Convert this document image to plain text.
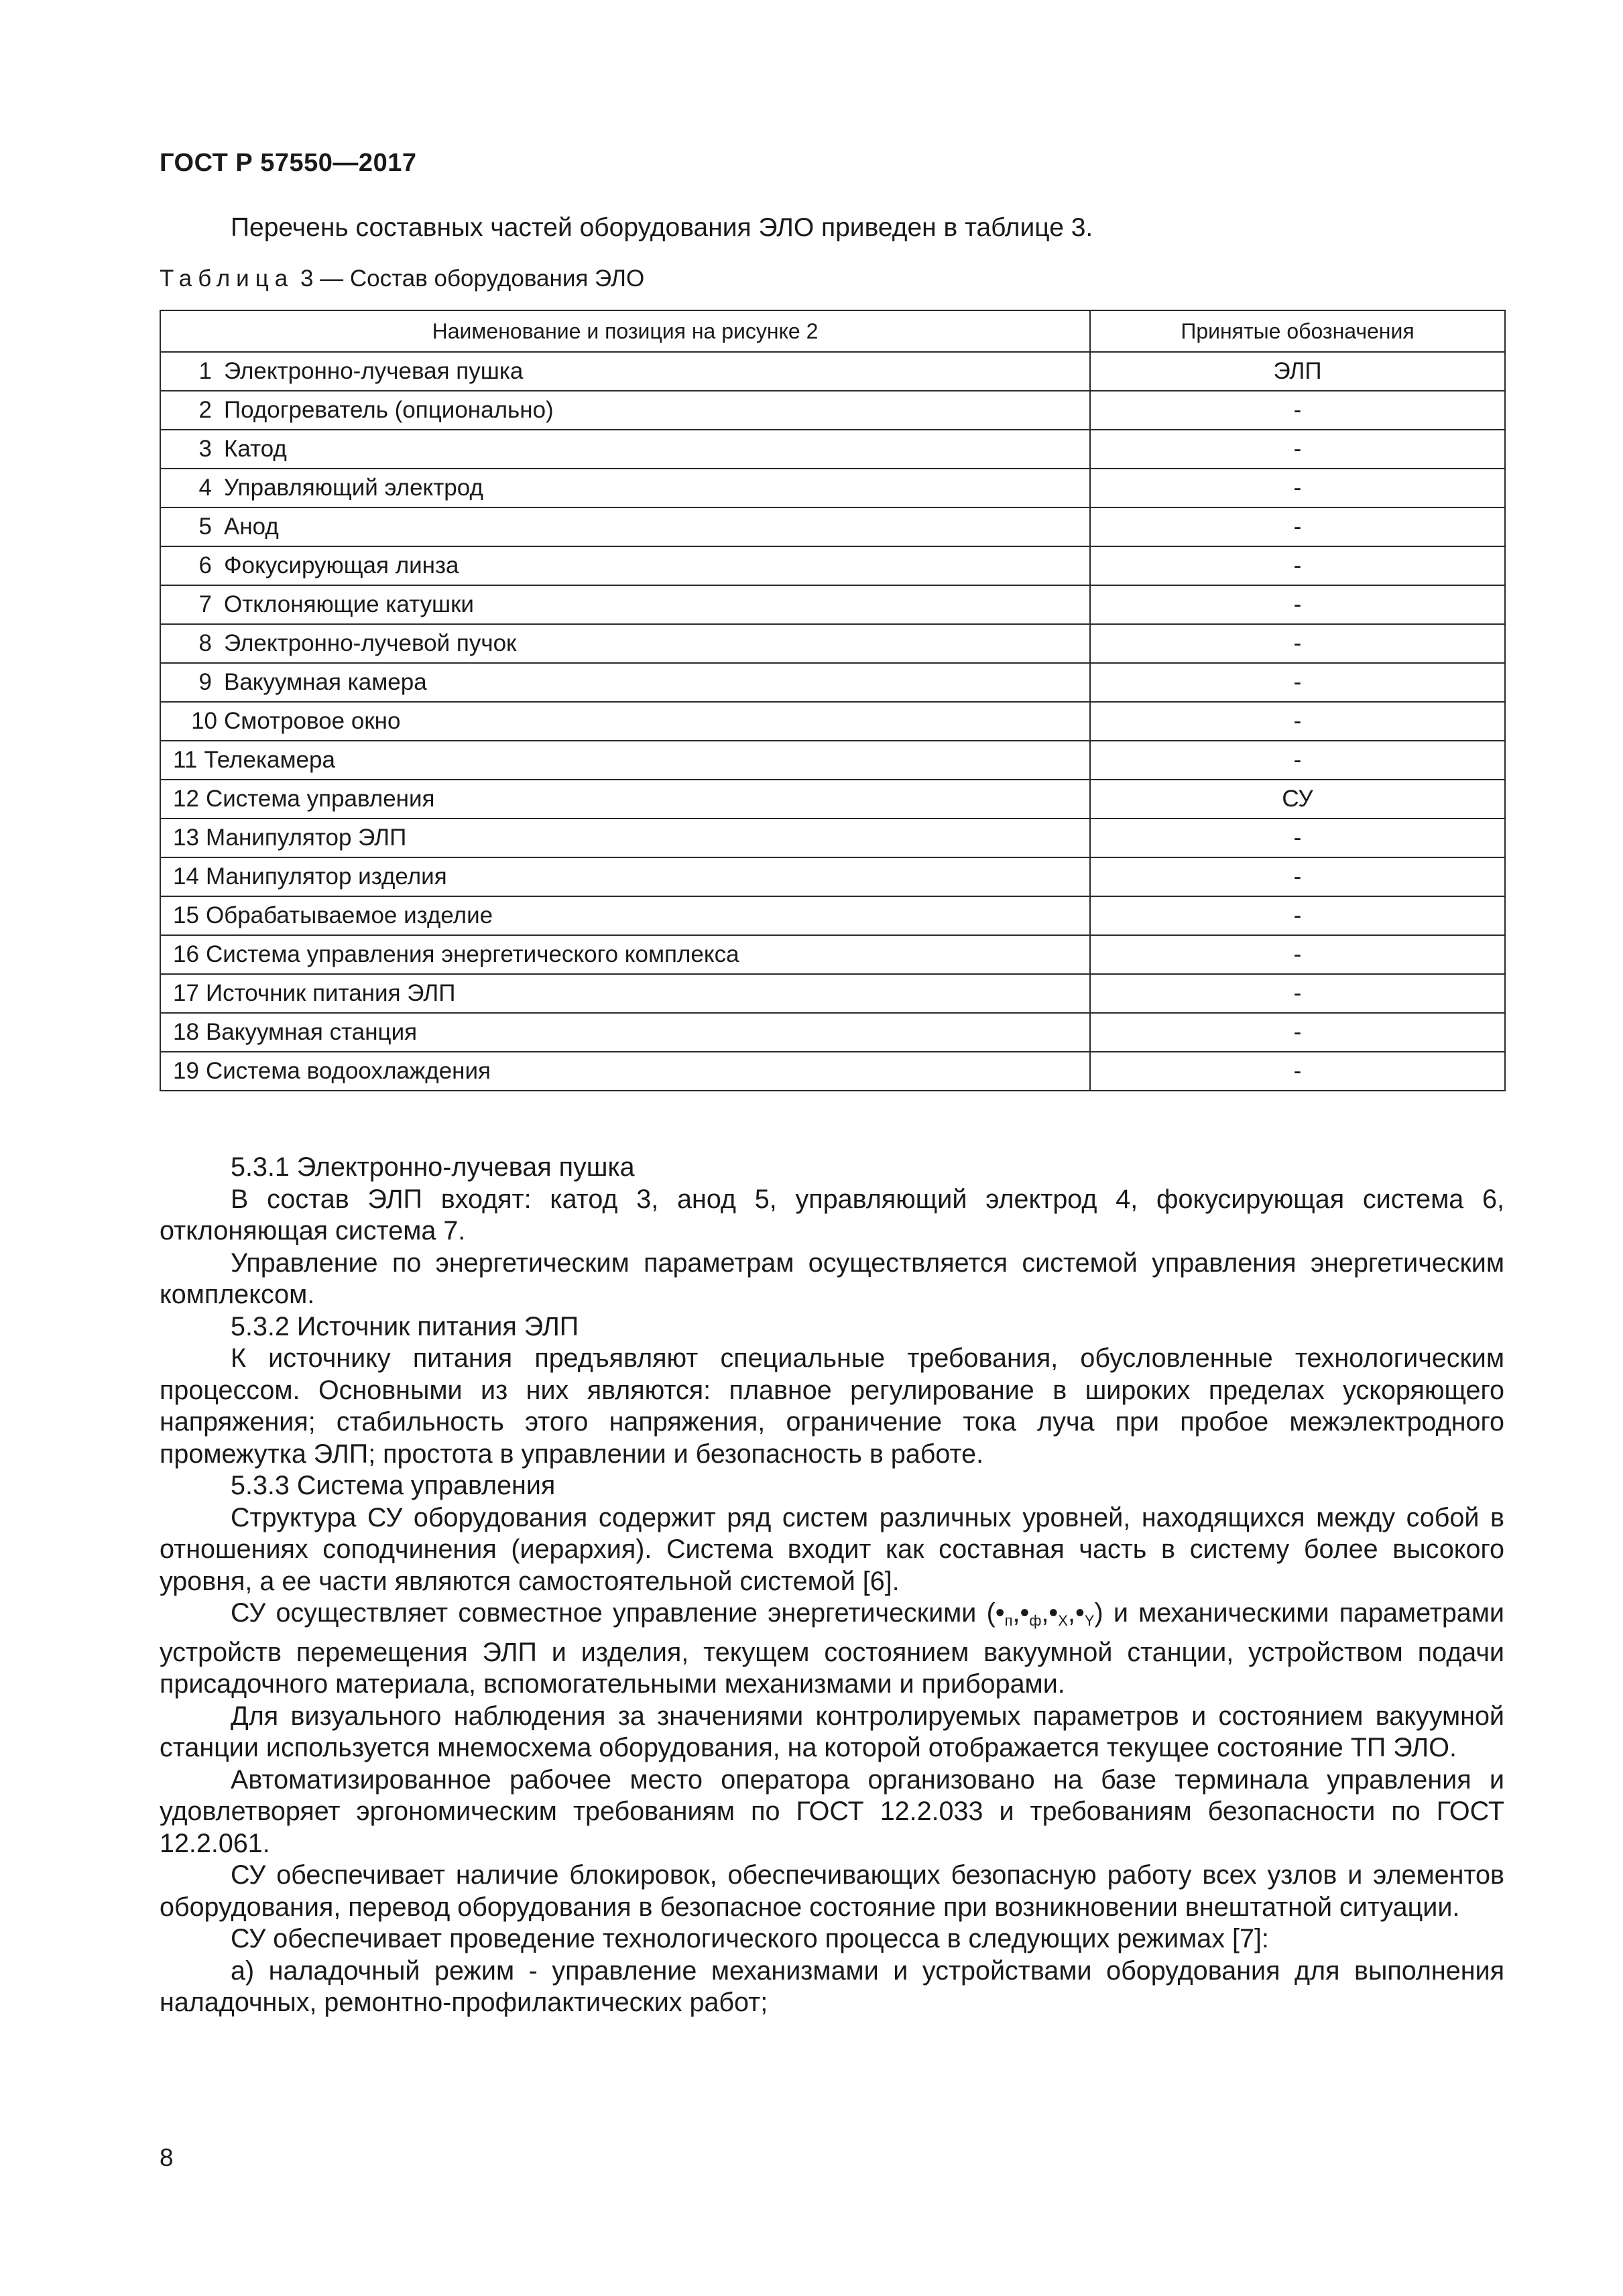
ГОСТ Р 57550—2017
Перечень составных частей оборудования ЭЛО приведен в таблице 3.
Таблица 3 — Состав оборудования ЭЛО
Наименование и позиция на рисунке 2	Принятые обозначения
1 Электронно-лучевая пушка	ЭЛП
2 Подогреватель (опционально)	-
3 Катод	-
4 Управляющий электрод	-
5 Анод	-
6 Фокусирующая линза	-
7 Отклоняющие катушки	-
8 Электронно-лучевой пучок	-
9 Вакуумная камера	-
10 Смотровое окно	-
11 Телекамера	-
12 Система управления	СУ
13 Манипулятор ЭЛП	-
14 Манипулятор изделия	-
15 Обрабатываемое изделие	-
16 Система управления энергетического комплекса	-
17 Источник питания ЭЛП	-
18 Вакуумная станция	-
19 Система водоохлаждения	-

5.3.1 Электронно-лучевая пушка

В состав ЭЛП входят: катод 3, анод 5, управляющий электрод 4, фокусирующая система 6, отклоняющая система 7.

Управление по энергетическим параметрам осуществляется системой управления энергетическим комплексом.

5.3.2 Источник питания ЭЛП

К источнику питания предъявляют специальные требования, обусловленные технологическим процессом. Основными из них являются: плавное регулирование в широких пределах ускоряющего напряжения; стабильность этого напряжения, ограничение тока луча при пробое межэлектродного промежутка ЭЛП; простота в управлении и безопасность в работе.

5.3.3 Система управления

Структура СУ оборудования содержит ряд систем различных уровней, находящихся между собой в отношениях соподчинения (иерархия). Система входит как составная часть в систему более высокого уровня, а ее части являются самостоятельной системой [6].

СУ осуществляет совместное управление энергетическими $(•_п,•_ф,•_X,•_Y)$ и механическими параметрами устройств перемещения ЭЛП и изделия, текущем состоянием вакуумной станции, устройством подачи присадочного материала, вспомогательными механизмами и приборами.

Для визуального наблюдения за значениями контролируемых параметров и состоянием вакуумной станции используется мнемосхема оборудования, на которой отображается текущее состояние ТП ЭЛО.

Автоматизированное рабочее место оператора организовано на базе терминала управления и удовлетворяет эргономическим требованиям по ГОСТ 12.2.033 и требованиям безопасности по ГОСТ 12.2.061.

СУ обеспечивает наличие блокировок, обеспечивающих безопасную работу всех узлов и элементов оборудования, перевод оборудования в безопасное состояние при возникновении внештатной ситуации.

СУ обеспечивает проведение технологического процесса в следующих режимах [7]:

а) наладочный режим - управление механизмами и устройствами оборудования для выполнения наладочных, ремонтно-профилактических работ;

8
